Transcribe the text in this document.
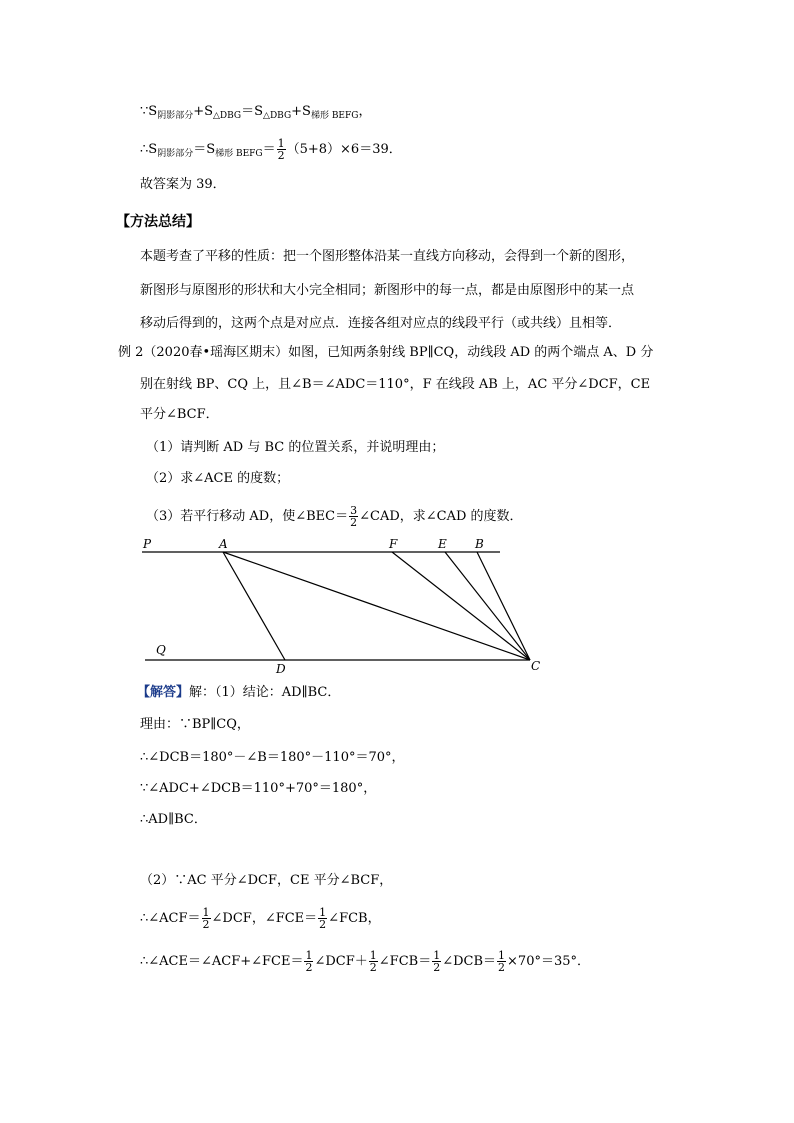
$\because S_{阴影部分}+S_{\triangle DBG}=S_{\triangle DBG}+S_{梯形 BEFG}$，
$\therefore S_{阴影部分}=S_{梯形 BEFG}= \frac{1}{2} (5+8)\times 6=39$．
故答案为 39．
【方法总结】
本题考查了平移的性质：把一个图形整体沿某一直线方向移动，会得到一个新的图形，
新图形与原图形的形状和大小完全相同；新图形中的每一点，都是由原图形中的某一点
移动后得到的，这两个点是对应点．连接各组对应点的线段平行（或共线）且相等．
例 2（2020春•瑶海区期末）如图，已知两条射线 BP∥CQ，动线段 AD 的两个端点 A、D 分
别在射线 BP、CQ 上，且∠B＝∠ADC＝110°，F 在线段 AB 上，AC 平分∠DCF，CE
平分∠BCF．
（1）请判断 AD 与 BC 的位置关系，并说明理由；
（2）求∠ACE 的度数；
（3）若平行移动 AD，使∠BEC＝ $\frac{3}{2}$ ∠CAD，求∠CAD 的度数．
P	A	F	E B
Q
D	C
【解答】解：（1）结论：AD∥BC．
理由：∵BP∥CQ，
∴∠DCB＝180°－∠B＝180°－110°＝70°，
∵∠ADC+∠DCB＝110°+70°＝180°，
∴AD∥BC．
（2）∵AC 平分∠DCF，CE 平分∠BCF，
∴∠ACF＝ $\frac{1}{2}$ ∠DCF，∠FCE＝ $\frac{1}{2}$ ∠FCB，
∴∠ACE＝∠ACF+∠FCE＝ $\frac{1}{2}$ ∠DCF＋ $\frac{1}{2}$ ∠FCB＝ $\frac{1}{2}$ ∠DCB＝ $\frac{1}{2} \times 70^\circ=35^\circ$．
